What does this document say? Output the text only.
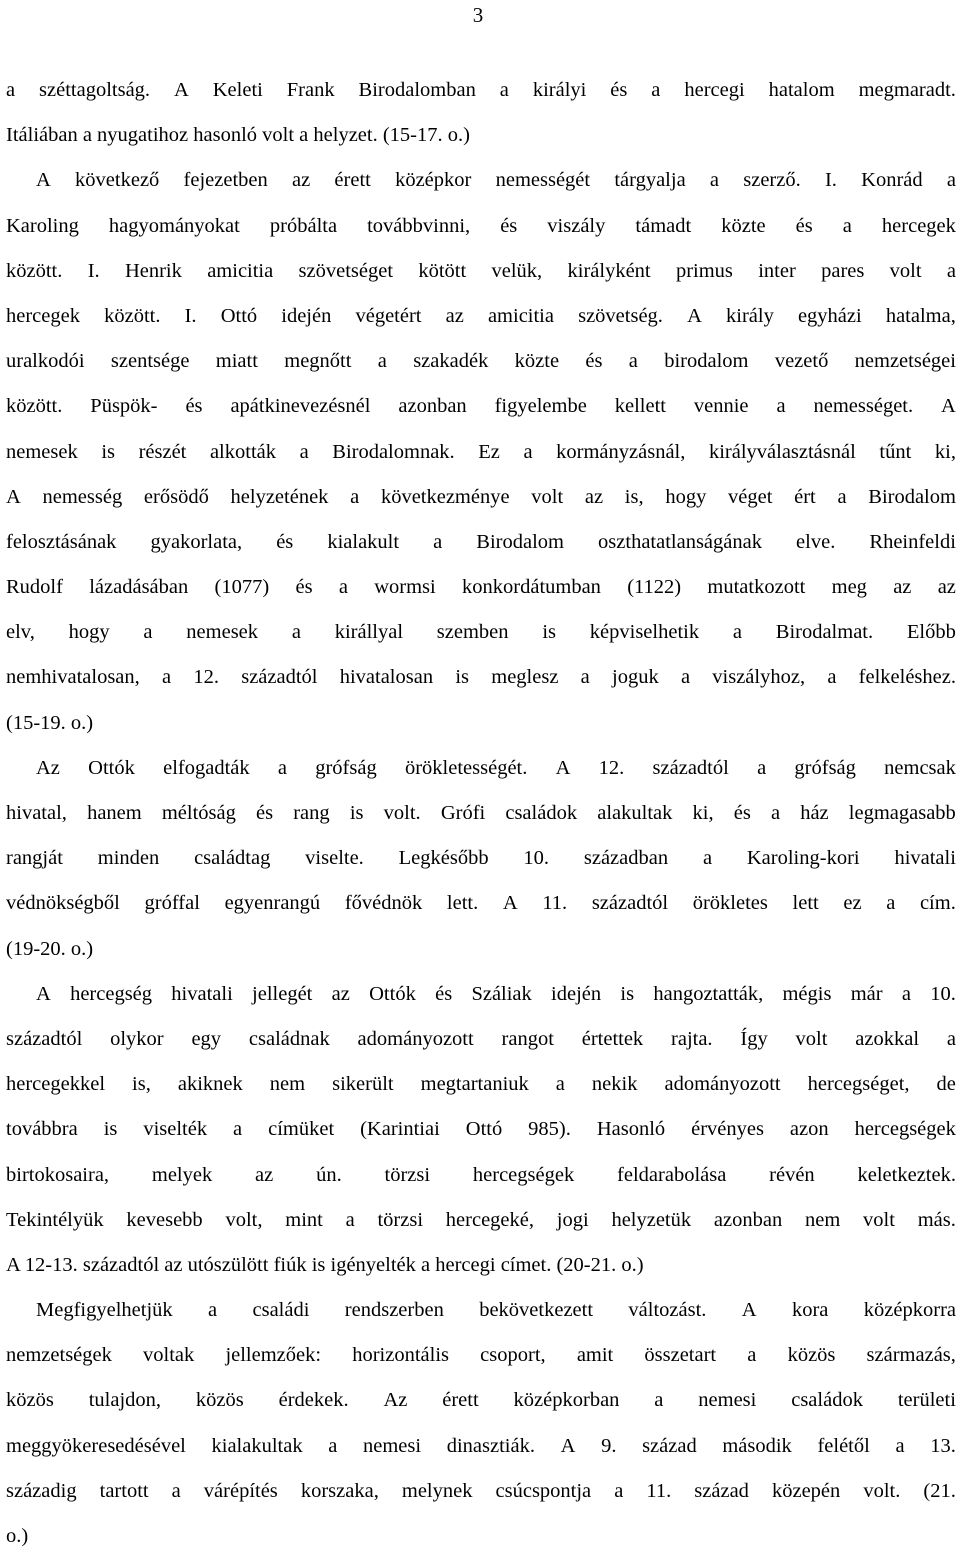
3
a széttagoltság. A Keleti Frank Birodalomban a királyi és a hercegi hatalom megmaradt.
Itáliában a nyugatihoz hasonló volt a helyzet. (15-17. o.)
A következő fejezetben az érett középkor nemességét tárgyalja a szerző. I. Konrád a
Karoling hagyományokat próbálta továbbvinni, és viszály támadt közte és a hercegek
között. I. Henrik amicitia szövetséget kötött velük, királyként primus inter pares volt a
hercegek között. I. Ottó idején végetért az amicitia szövetség. A király egyházi hatalma,
uralkodói szentsége miatt megnőtt a szakadék közte és a birodalom vezető nemzetségei
között. Püspök- és apátkinevezésnél azonban figyelembe kellett vennie a nemességet. A
nemesek is részét alkották a Birodalomnak. Ez a kormányzásnál, királyválasztásnál tűnt ki,
A nemesség erősödő helyzetének a következménye volt az is, hogy véget ért a Birodalom
felosztásának gyakorlata, és kialakult a Birodalom oszthatatlanságának elve. Rheinfeldi
Rudolf lázadásában (1077) és a wormsi konkordátumban (1122) mutatkozott meg az az
elv, hogy a nemesek a királlyal szemben is képviselhetik a Birodalmat. Előbb
nemhivatalosan, a 12. századtól hivatalosan is meglesz a joguk a viszályhoz, a felkeléshez.
(15-19. o.)
Az Ottók elfogadták a grófság örökletességét. A 12. századtól a grófság nemcsak
hivatal, hanem méltóság és rang is volt. Grófi családok alakultak ki, és a ház legmagasabb
rangját minden családtag viselte. Legkésőbb 10. században a Karoling-kori hivatali
védnökségből gróffal egyenrangú fővédnök lett. A 11. századtól örökletes lett ez a cím.
(19-20. o.)
A hercegség hivatali jellegét az Ottók és Száliak idején is hangoztatták, mégis már a 10.
századtól olykor egy családnak adományozott rangot értettek rajta. Így volt azokkal a
hercegekkel is, akiknek nem sikerült megtartaniuk a nekik adományozott hercegséget, de
továbbra is viselték a címüket (Karintiai Ottó 985). Hasonló érvényes azon hercegségek
birtokosaira, melyek az ún. törzsi hercegségek feldarabolása révén keletkeztek.
Tekintélyük kevesebb volt, mint a törzsi hercegeké, jogi helyzetük azonban nem volt más.
A 12-13. századtól az utószülött fiúk is igényelték a hercegi címet. (20-21. o.)
Megfigyelhetjük a családi rendszerben bekövetkezett változást. A kora középkorra
nemzetségek voltak jellemzőek: horizontális csoport, amit összetart a közös származás,
közös tulajdon, közös érdekek. Az érett középkorban a nemesi családok területi
meggyökeresedésével kialakultak a nemesi dinasztiák. A 9. század második felétől a 13.
századig tartott a várépítés korszaka, melynek csúcspontja a 11. század közepén volt. (21.
o.)
